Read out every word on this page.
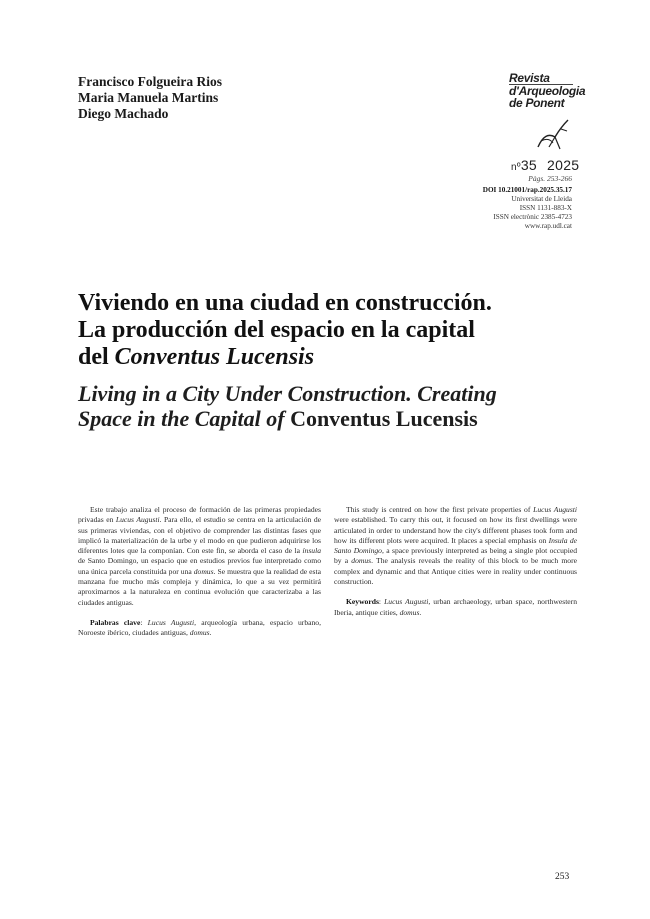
Francisco Folgueira Rios
Maria Manuela Martins
Diego Machado
Revista
d'Arqueologia
de Ponent
nº35 2025
Pàgs. 253-266
DOI 10.21001/rap.2025.35.17
Universitat de Lleida
ISSN 1131-883-X
ISSN electrònic 2385-4723
www.rap.udl.cat
Viviendo en una ciudad en construcción.
La producción del espacio en la capital
del Conventus Lucensis
Living in a City Under Construction. Creating
Space in the Capital of Conventus Lucensis

Este trabajo analiza el proceso de formación de las primeras propiedades privadas en Lucus Augusti. Para ello, el estudio se centra en la articulación de sus primeras viviendas, con el objetivo de comprender las distintas fases que implicó la materialización de la urbe y el modo en que pudieron adquirirse los diferentes lotes que la componían. Con este fin, se aborda el caso de la ínsula de Santo Domingo, un espacio que en estudios previos fue interpretado como una única parcela constituida por una domus. Se muestra que la realidad de esta manzana fue mucho más compleja y dinámica, lo que a su vez permitirá aproximarnos a la naturaleza en continua evolución que caracterizaba a las ciudades antiguas.

Palabras clave: Lucus Augusti, arqueología urbana, espacio urbano, Noroeste ibérico, ciudades antiguas, domus.

This study is centred on how the first private properties of Lucus Augusti were established. To carry this out, it focused on how its first dwellings were articulated in order to understand how the city's different phases took form and how its different plots were acquired. It places a special emphasis on Insula de Santo Domingo, a space previously interpreted as being a single plot occupied by a domus. The analysis reveals the reality of this block to be much more complex and dynamic and that Antique cities were in reality under continuous construction.

Keywords: Lucus Augusti, urban archaeology, urban space, northwestern Iberia, antique cities, domus.

253
